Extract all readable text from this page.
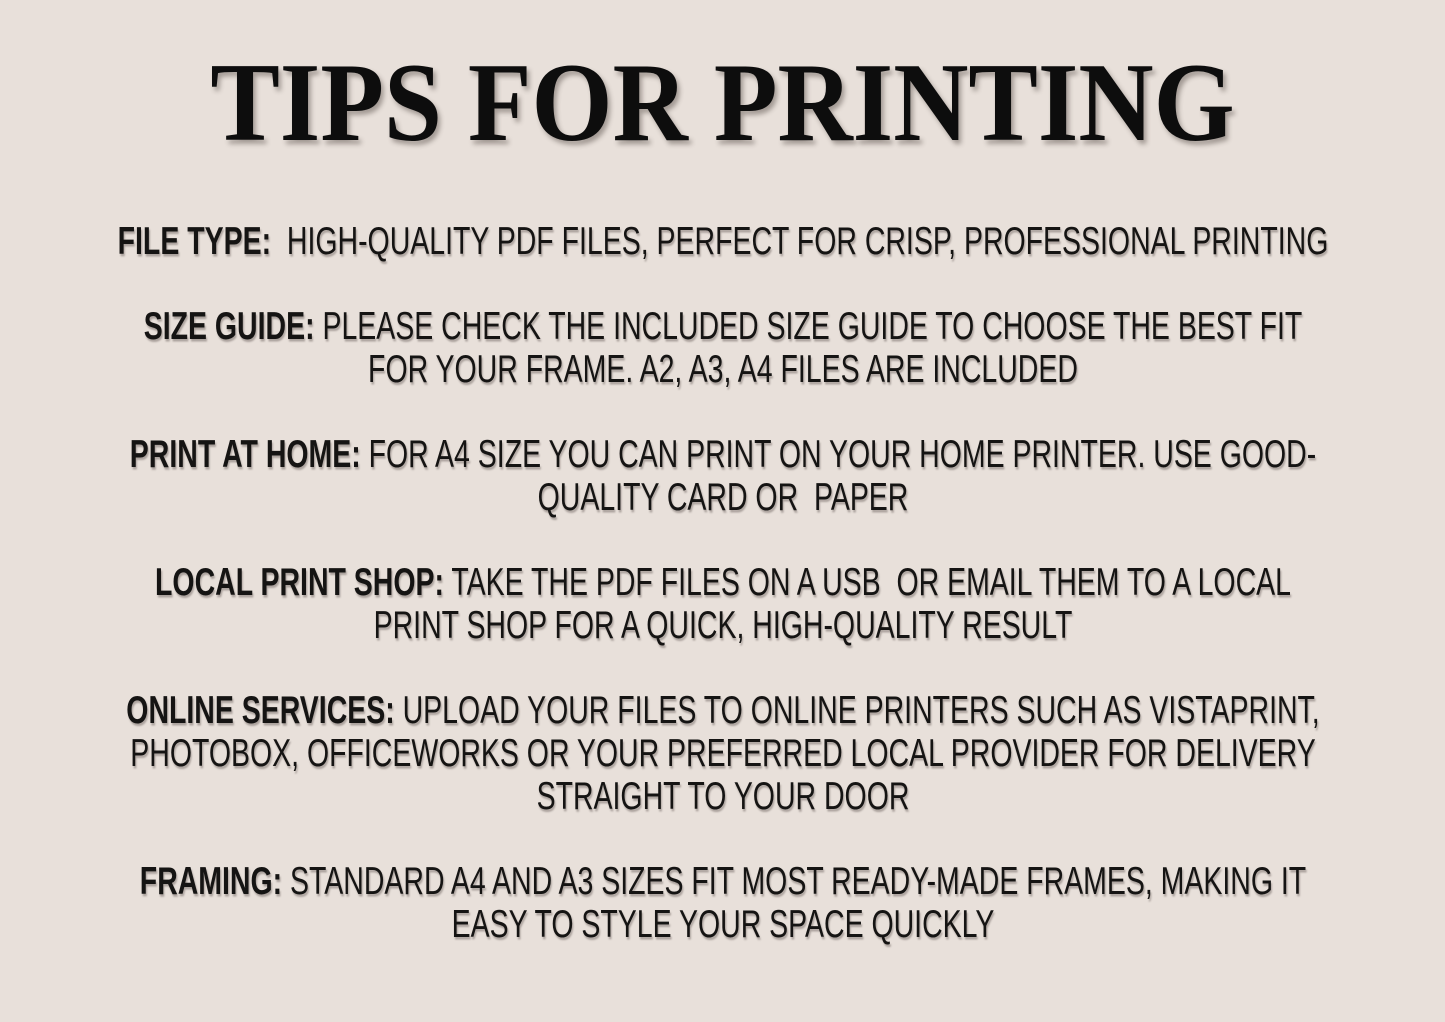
TIPS FOR PRINTING
FILE TYPE:  HIGH-QUALITY PDF FILES, PERFECT FOR CRISP, PROFESSIONAL PRINTING
SIZE GUIDE: PLEASE CHECK THE INCLUDED SIZE GUIDE TO CHOOSE THE BEST FIT
FOR YOUR FRAME. A2, A3, A4 FILES ARE INCLUDED
PRINT AT HOME: FOR A4 SIZE YOU CAN PRINT ON YOUR HOME PRINTER. USE GOOD-
QUALITY CARD OR  PAPER
LOCAL PRINT SHOP: TAKE THE PDF FILES ON A USB  OR EMAIL THEM TO A LOCAL
PRINT SHOP FOR A QUICK, HIGH-QUALITY RESULT
ONLINE SERVICES: UPLOAD YOUR FILES TO ONLINE PRINTERS SUCH AS VISTAPRINT,
PHOTOBOX, OFFICEWORKS OR YOUR PREFERRED LOCAL PROVIDER FOR DELIVERY
STRAIGHT TO YOUR DOOR
FRAMING: STANDARD A4 AND A3 SIZES FIT MOST READY-MADE FRAMES, MAKING IT
EASY TO STYLE YOUR SPACE QUICKLY
